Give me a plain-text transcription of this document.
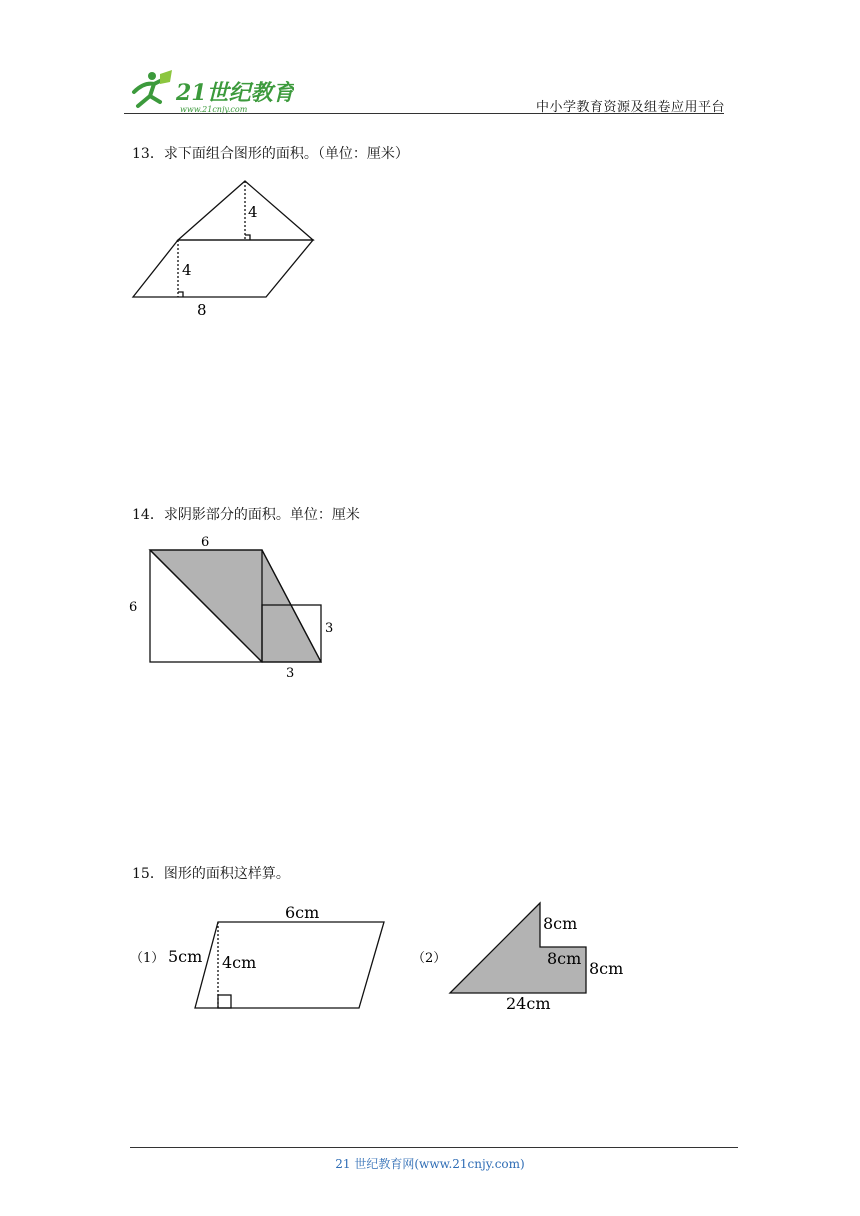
21世纪教育
www.21cnjy.com	中小学教育资源及组卷应用平台
13．求下面组合图形的面积。（单位：厘米）
4
4
8
6
6
3
3
（1）
6cm
5cm 4cm	（2）
8cm
8cm
8cm
24cm
14．求阴影部分的面积。单位：厘米
15．图形的面积这样算。
21 世纪教育网(www.21cnjy.com)
